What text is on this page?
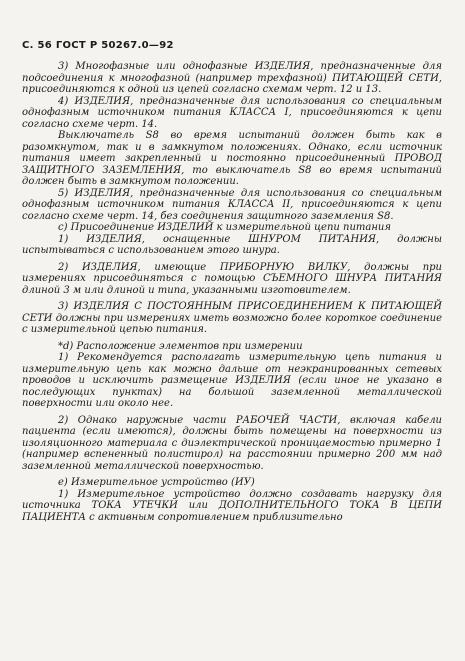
С. 56 ГОСТ Р 50267.0—92

3) Многофазные или однофазные ИЗДЕЛИЯ, предназначенные для подсоединения к многофазной (например трехфазной) ПИТАЮЩЕЙ СЕТИ, присоединяются к одной из цепей согласно схемам черт. 12 и 13.

4) ИЗДЕЛИЯ, предназначенные для использования со специальным однофазным источником питания КЛАССА I, присоединяются к цепи согласно схеме черт. 14.

Выключатель S8 во время испытаний должен быть как в разомкнутом, так и в замкнутом положениях. Однако, если источник питания имеет закрепленный и постоянно присоединенный ПРОВОД ЗАЩИТНОГО ЗАЗЕМЛЕНИЯ, то выключатель S8 во время испытаний должен быть в замкнутом положении.

5) ИЗДЕЛИЯ, предназначенные для использования со специальным однофазным источником питания КЛАССА II, присоединяются к цепи согласно схеме черт. 14, без соединения защитного заземления S8.

c) Присоединение ИЗДЕЛИЙ к измерительной цепи питания

1) ИЗДЕЛИЯ, оснащенные ШНУРОМ ПИТАНИЯ, должны испытываться с использованием этого шнура.

2) ИЗДЕЛИЯ, имеющие ПРИБОРНУЮ ВИЛКУ, должны при измерениях присоединяться с помощью СЪЕМНОГО ШНУРА ПИТАНИЯ длиной 3 м или длиной и типа, указанными изготовителем.

3) ИЗДЕЛИЯ С ПОСТОЯННЫМ ПРИСОЕДИНЕНИЕМ К ПИТАЮЩЕЙ СЕТИ должны при измерениях иметь возможно более короткое соединение с измерительной цепью питания.

*d) Расположение элементов при измерении

1) Рекомендуется располагать измерительную цепь питания и измерительную цепь как можно дальше от неэкранированных сетевых проводов и исключить размещение ИЗДЕЛИЯ (если иное не указано в последующих пунктах) на большой заземленной металлической поверхности или около нее.

2) Однако наружные части РАБОЧЕЙ ЧАСТИ, включая кабели пациента (если имеются), должны быть помещены на поверхности из изоляционного материала с диэлектрической проницаемостью примерно 1 (например вспененный полистирол) на расстоянии примерно 200 мм над заземленной металлической поверхностью.

e) Измерительное устройство (ИУ)

1) Измерительное устройство должно создавать нагрузку для источника ТОКА УТЕЧКИ или ДОПОЛНИТЕЛЬНОГО ТОКА В ЦЕПИ ПАЦИЕНТА с активным сопротивлением приблизительно
